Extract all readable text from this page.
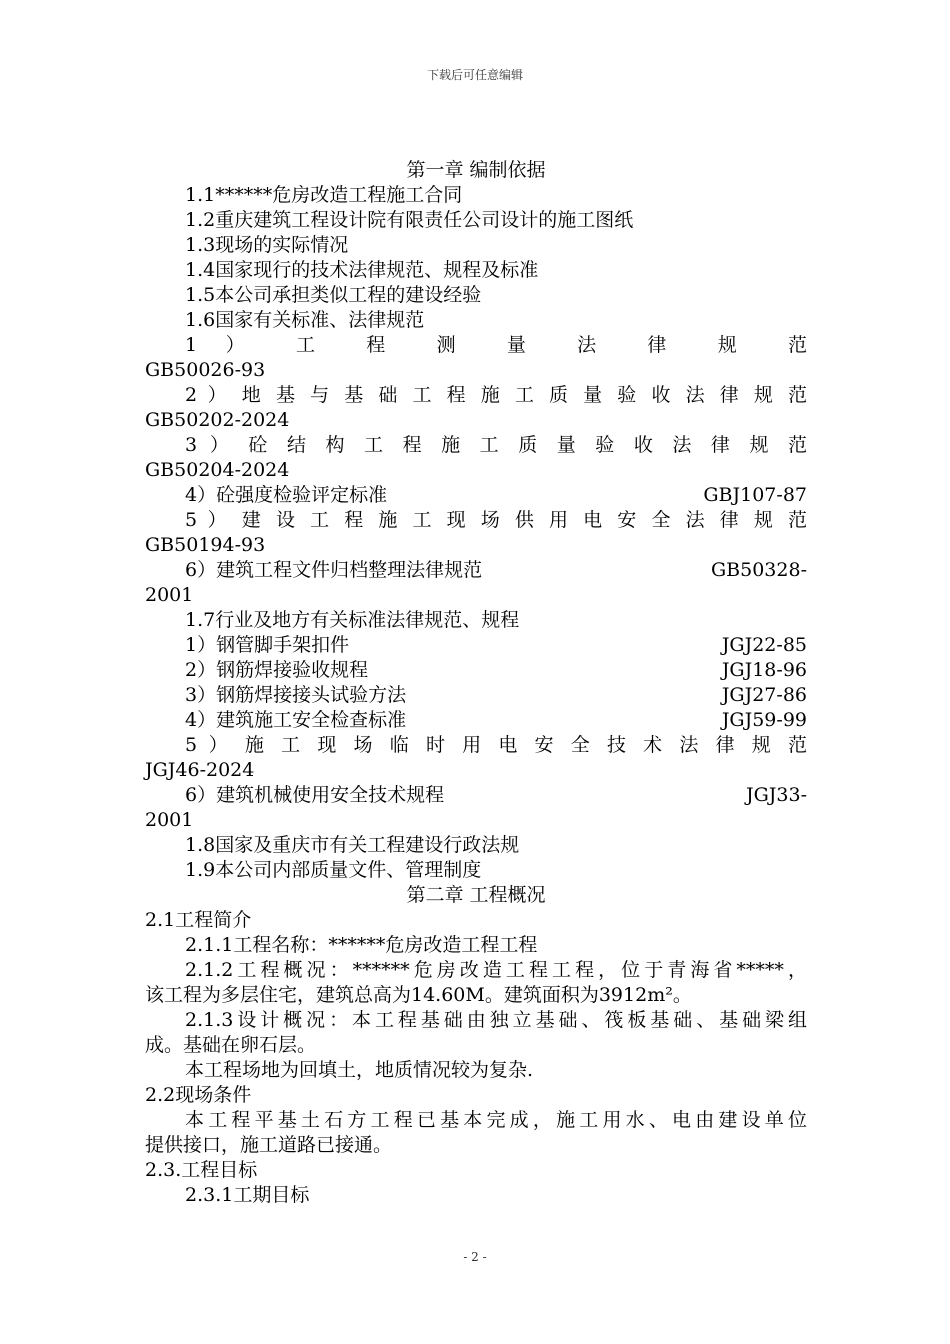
下载后可任意编辑
第一章 编制依据
1.1******危房改造工程施工合同
1.2重庆建筑工程设计院有限责任公司设计的施工图纸
1.3现场的实际情况
1.4国家现行的技术法律规范、规程及标准
1.5本公司承担类似工程的建设经验
1.6国家有关标准、法律规范
1 ） 工 程 测 量 法 律 规 范
GB50026-93
2 ） 地 基 与 基 础 工 程 施 工 质 量 验 收 法 律 规 范
GB50202-2024
3 ） 砼 结 构 工 程 施 工 质 量 验 收 法 律 规 范
GB50204-2024
4）砼强度检验评定标准	GBJ107-87
5 ） 建 设 工 程 施 工 现 场 供 用 电 安 全 法 律 规 范
GB50194-93
6）建筑工程文件归档整理法律规范	GB50328-
2001
1.7行业及地方有关标准法律规范、规程
1）钢管脚手架扣件	JGJ22-85
2）钢筋焊接验收规程	JGJ18-96
3）钢筋焊接接头试验方法	JGJ27-86
4）建筑施工安全检查标准	JGJ59-99
5 ） 施 工 现 场 临 时 用 电 安 全 技 术 法 律 规 范
JGJ46-2024
6）建筑机械使用安全技术规程	JGJ33-
2001
1.8国家及重庆市有关工程建设行政法规
1.9本公司内部质量文件、管理制度
第二章 工程概况
2.1工程简介
2.1.1工程名称：******危房改造工程工程
2.1.2工程概况：******危房改造工程工程，位于青海省*****，
该工程为多层住宅，建筑总高为14.60M。建筑面积为3912m²。
2.1.3设计概况：本工程基础由独立基础、筏板基础、基础梁组
成。基础在卵石层。
本工程场地为回填土，地质情况较为复杂.
2.2现场条件
本工程平基土石方工程已基本完成，施工用水、电由建设单位
提供接口，施工道路已接通。
2.3.工程目标
2.3.1工期目标
- 2 -
